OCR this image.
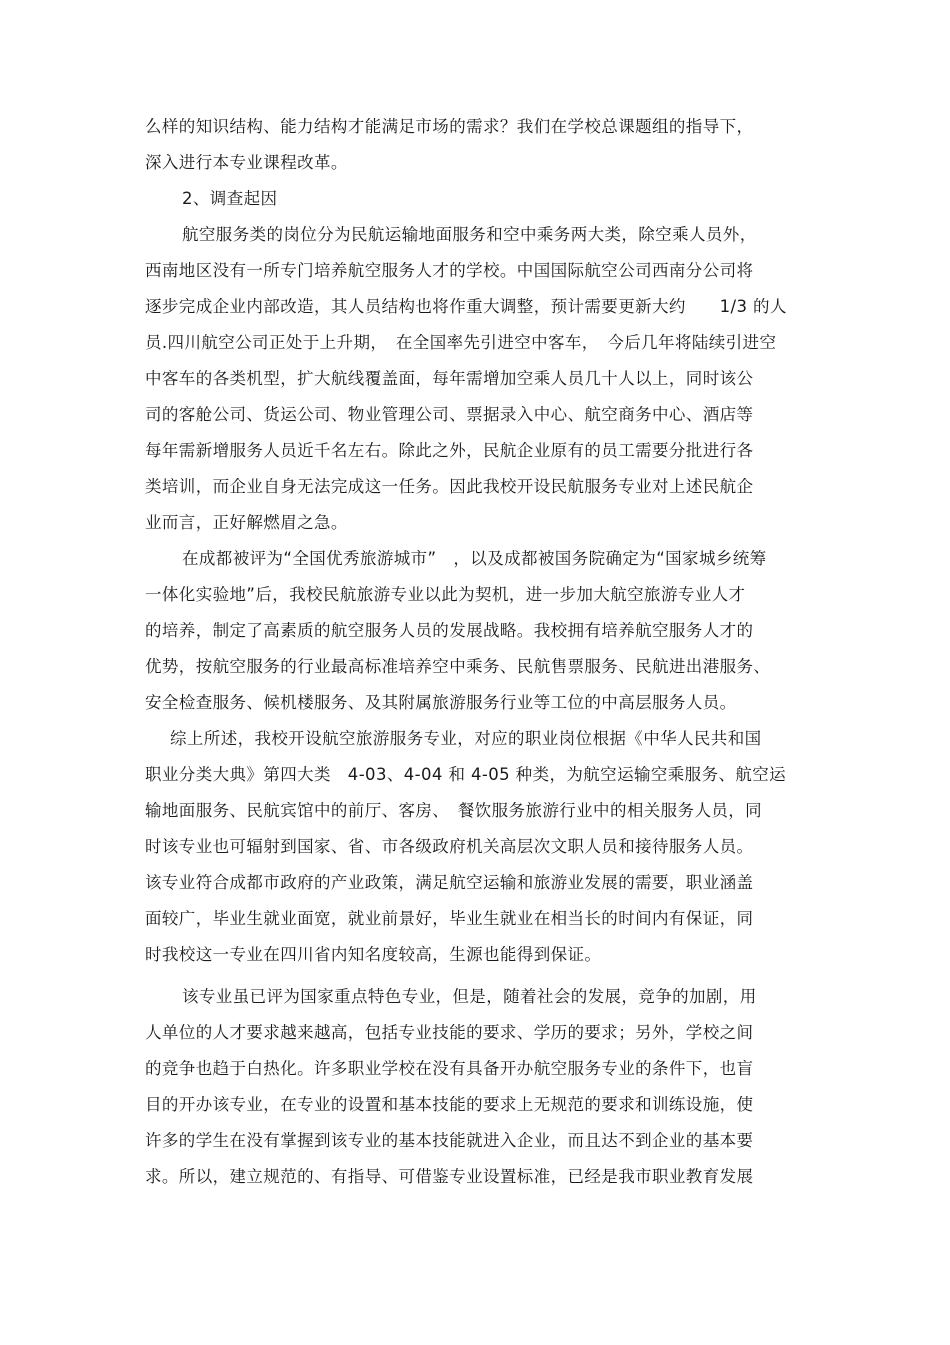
么样的知识结构、能力结构才能满足市场的需求？我们在学校总课题组的指导下，
深入进行本专业课程改革。
2、调查起因
航空服务类的岗位分为民航运输地面服务和空中乘务两大类，除空乘人员外，
西南地区没有一所专门培养航空服务人才的学校。中国国际航空公司西南分公司将
逐步完成企业内部改造，其人员结构也将作重大调整，预计需要更新大约　　1/3 的人
员.四川航空公司正处于上升期，　在全国率先引进空中客车，　今后几年将陆续引进空
中客车的各类机型，扩大航线覆盖面，每年需增加空乘人员几十人以上，同时该公
司的客舱公司、货运公司、物业管理公司、票据录入中心、航空商务中心、酒店等
每年需新增服务人员近千名左右。除此之外，民航企业原有的员工需要分批进行各
类培训，而企业自身无法完成这一任务。因此我校开设民航服务专业对上述民航企
业而言，正好解燃眉之急。
在成都被评为“全国优秀旅游城市”　，以及成都被国务院确定为“国家城乡统筹
一体化实验地”后，我校民航旅游专业以此为契机，进一步加大航空旅游专业人才
的培养，制定了高素质的航空服务人员的发展战略。我校拥有培养航空服务人才的
优势，按航空服务的行业最高标准培养空中乘务、民航售票服务、民航进出港服务、
安全检查服务、候机楼服务、及其附属旅游服务行业等工位的中高层服务人员。
综上所述，我校开设航空旅游服务专业，对应的职业岗位根据《中华人民共和国
职业分类大典》第四大类　4-03、4-04 和 4-05 种类，为航空运输空乘服务、航空运
输地面服务、民航宾馆中的前厅、客房、　餐饮服务旅游行业中的相关服务人员，同
时该专业也可辐射到国家、省、市各级政府机关高层次文职人员和接待服务人员。
该专业符合成都市政府的产业政策，满足航空运输和旅游业发展的需要，职业涵盖
面较广，毕业生就业面宽，就业前景好，毕业生就业在相当长的时间内有保证，同
时我校这一专业在四川省内知名度较高，生源也能得到保证。
该专业虽已评为国家重点特色专业，但是，随着社会的发展，竞争的加剧，用
人单位的人才要求越来越高，包括专业技能的要求、学历的要求；另外，学校之间
的竞争也趋于白热化。许多职业学校在没有具备开办航空服务专业的条件下，也盲
目的开办该专业，在专业的设置和基本技能的要求上无规范的要求和训练设施，使
许多的学生在没有掌握到该专业的基本技能就进入企业，而且达不到企业的基本要
求。所以，建立规范的、有指导、可借鉴专业设置标准，已经是我市职业教育发展
